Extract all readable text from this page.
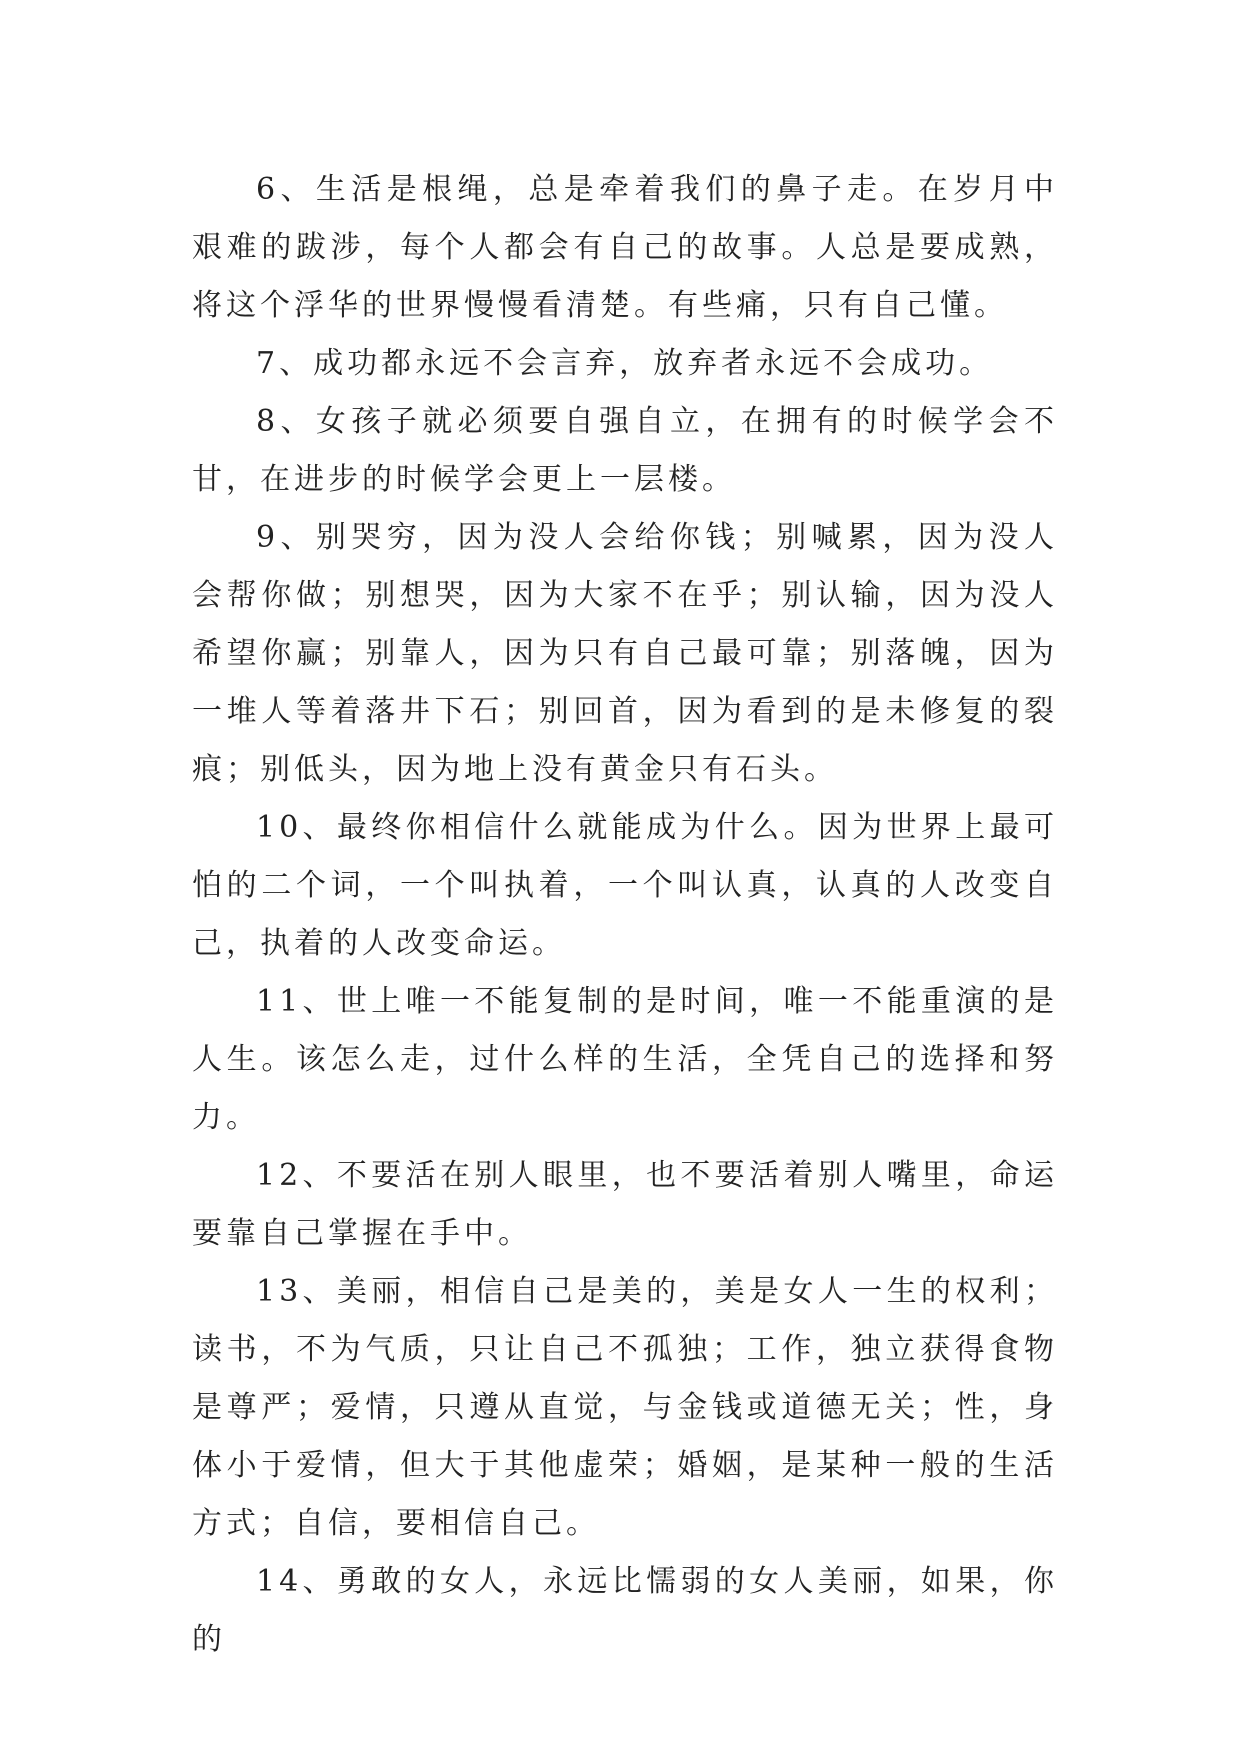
6、生活是根绳，总是牵着我们的鼻子走。在岁月中艰难的跋涉，每个人都会有自己的故事。人总是要成熟，将这个浮华的世界慢慢看清楚。有些痛，只有自己懂。

7、成功都永远不会言弃，放弃者永远不会成功。

8、女孩子就必须要自强自立，在拥有的时候学会不甘，在进步的时候学会更上一层楼。

9、别哭穷，因为没人会给你钱；别喊累，因为没人会帮你做；别想哭，因为大家不在乎；别认输，因为没人希望你赢；别靠人，因为只有自己最可靠；别落魄，因为一堆人等着落井下石；别回首，因为看到的是未修复的裂痕；别低头，因为地上没有黄金只有石头。

10、最终你相信什么就能成为什么。因为世界上最可怕的二个词，一个叫执着，一个叫认真，认真的人改变自己，执着的人改变命运。

11、世上唯一不能复制的是时间，唯一不能重演的是人生。该怎么走，过什么样的生活，全凭自己的选择和努力。

12、不要活在别人眼里，也不要活着别人嘴里，命运要靠自己掌握在手中。

13、美丽，相信自己是美的，美是女人一生的权利；读书，不为气质，只让自己不孤独；工作，独立获得食物是尊严；爱情，只遵从直觉，与金钱或道德无关；性，身体小于爱情，但大于其他虚荣；婚姻，是某种一般的生活方式；自信，要相信自己。

14、勇敢的女人，永远比懦弱的女人美丽，如果，你的
